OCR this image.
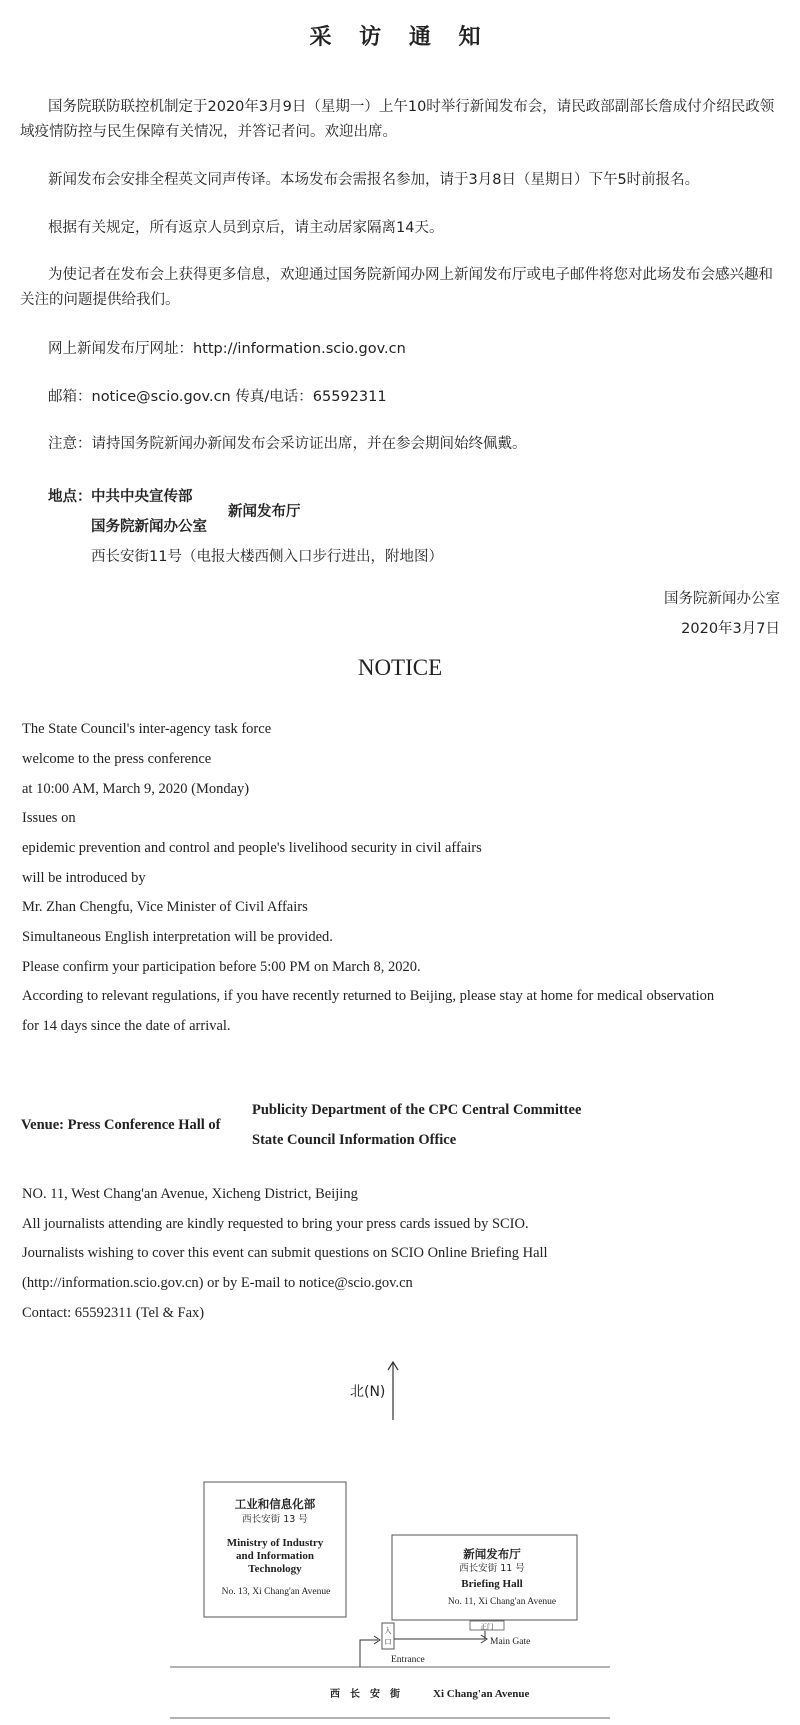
采 访 通 知

国务院联防联控机制定于2020年3月9日（星期一）上午10时举行新闻发布会，请民政部副部长詹成付介绍民政领域疫情防控与民生保障有关情况，并答记者问。欢迎出席。

新闻发布会安排全程英文同声传译。本场发布会需报名参加，请于3月8日（星期日）下午5时前报名。

根据有关规定，所有返京人员到京后，请主动居家隔离14天。

为使记者在发布会上获得更多信息，欢迎通过国务院新闻办网上新闻发布厅或电子邮件将您对此场发布会感兴趣和关注的问题提供给我们。

网上新闻发布厅网址：http://information.scio.gov.cn

邮箱：notice@scio.gov.cn 传真/电话：65592311

注意：请持国务院新闻办新闻发布会采访证出席，并在参会期间始终佩戴。

地点： 中共中央宣传部

国务院新闻办公室

新闻发布厅

西长安街11号（电报大楼西侧入口步行进出，附地图）

国务院新闻办公室

2020年3月7日

NOTICE

The State Council's inter-agency task force

welcome to the press conference

at 10:00 AM, March 9, 2020 (Monday)

Issues on

epidemic prevention and control and people's livelihood security in civil affairs

will be introduced by

Mr. Zhan Chengfu, Vice Minister of Civil Affairs

Simultaneous English interpretation will be provided.

Please confirm your participation before 5:00 PM on March 8, 2020.

According to relevant regulations, if you have recently returned to Beijing, please stay at home for medical observation

for 14 days since the date of arrival.

Venue: Press Conference Hall of

Publicity Department of the CPC Central Committee

State Council Information Office

NO. 11, West Chang'an Avenue, Xicheng District, Beijing

All journalists attending are kindly requested to bring your press cards issued by SCIO.

Journalists wishing to cover this event can submit questions on SCIO Online Briefing Hall

(http://information.scio.gov.cn) or by E-mail to notice@scio.gov.cn

Contact: 65592311 (Tel & Fax)

北(N)
工业和信息化部
西长安街 13 号
Ministry of Industry
and Information
Technology
No. 13, Xi Chang'an Avenue
新闻发布厅
西长安街 11 号
Briefing Hall
No. 11, Xi Chang'an Avenue
入
口
Entrance
正门
Main Gate
西　长　安　街	Xi Chang'an Avenue
